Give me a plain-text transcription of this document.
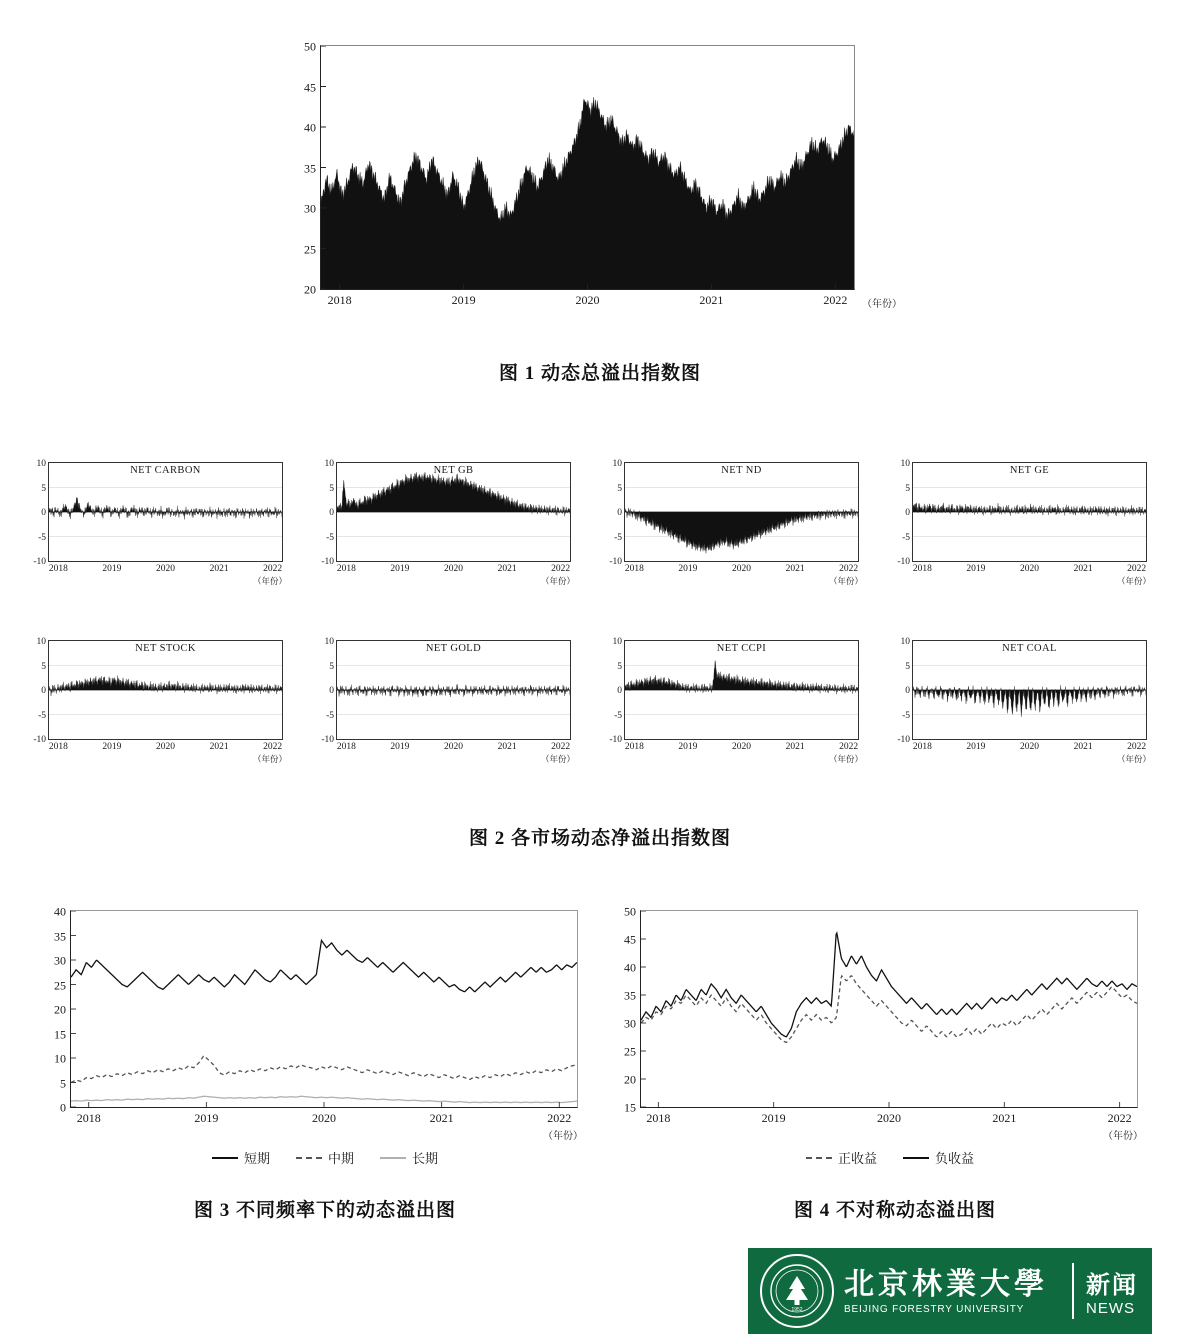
20
25
30
35
40
45
50
2018	2019	2020	2021	2022 （年份）
图 1 动态总溢出指数图
NET CARBON
-10
-5
0
5
10
2018	2019	2020	2021	2022
（年份）
NET GB
-10
-5
0
5
10
2018	2019	2020	2021	2022
（年份）
NET ND
-10
-5
0
5
10
2018	2019	2020	2021	2022
（年份）
NET GE
-10
-5
0
5
10
2018	2019	2020	2021	2022
（年份）
NET STOCK
-10
-5
0
5
10
2018	2019	2020	2021	2022
（年份）
NET GOLD
-10
-5
0
5
10
2018	2019	2020	2021	2022
（年份）
NET CCPI
-10
-5
0
5
10
2018	2019	2020	2021	2022
（年份）
NET COAL
-10
-5
0
5
10
2018	2019	2020	2021	2022
（年份）
图 2 各市场动态净溢出指数图
0
5
10
15
20
25
30
35
40
2018	2019	2020	2021	2022
（年份）
短期	中期	长期
图 3 不同频率下的动态溢出图
15
20
25
30
35
40
45
50
2018	2019	2020	2021	2022
（年份）
正收益	负收益
图 4 不对称动态溢出图
1952
北京林業大學
BEIJING FORESTRY UNIVERSITY
新闻
NEWS
